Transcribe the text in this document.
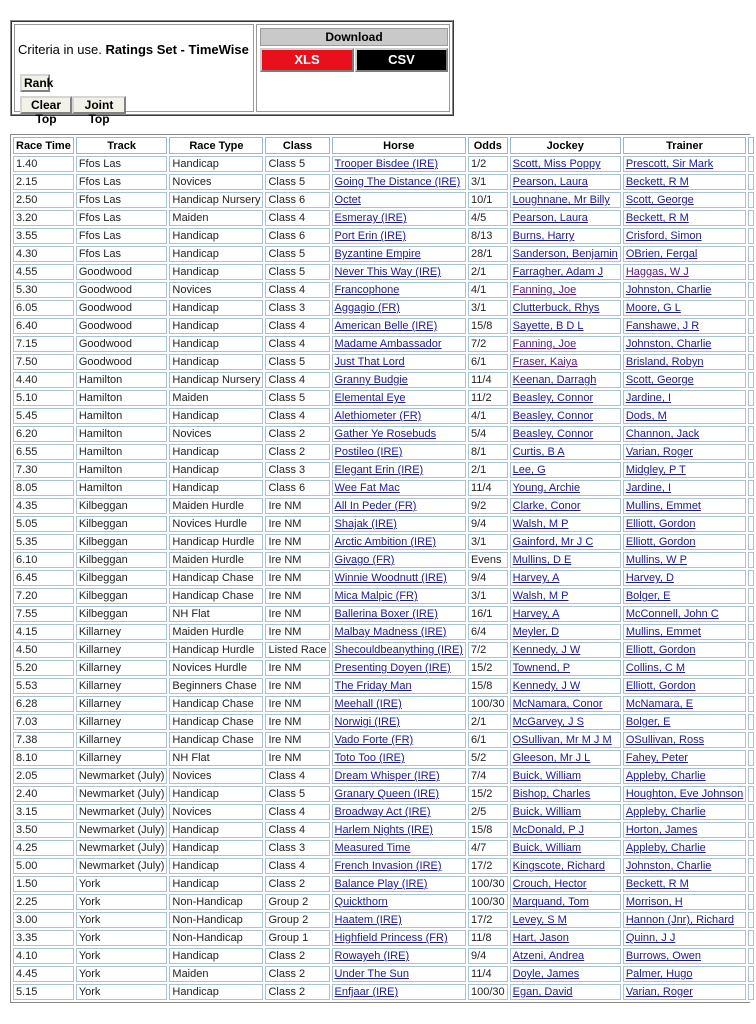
Criteria in use. Ratings Set - TimeWise
Rank
Clear Top
Joint Top
Download
XLS	CSV
Race Time	Track	Race Type	Class	Horse	Odds	Jockey	Trainer	
1.40	Ffos Las	Handicap	Class 5	Trooper Bisdee (IRE)	1/2	Scott, Miss Poppy	Prescott, Sir Mark	
2.15	Ffos Las	Novices	Class 5	Going The Distance (IRE)	3/1	Pearson, Laura	Beckett, R M	
2.50	Ffos Las	Handicap Nursery	Class 6	Octet	10/1	Loughnane, Mr Billy	Scott, George	
3.20	Ffos Las	Maiden	Class 4	Esmeray (IRE)	4/5	Pearson, Laura	Beckett, R M	
3.55	Ffos Las	Handicap	Class 6	Port Erin (IRE)	8/13	Burns, Harry	Crisford, Simon	
4.30	Ffos Las	Handicap	Class 5	Byzantine Empire	28/1	Sanderson, Benjamin	OBrien, Fergal	
4.55	Goodwood	Handicap	Class 5	Never This Way (IRE)	2/1	Farragher, Adam J	Haggas, W J	
5.30	Goodwood	Novices	Class 4	Francophone	4/1	Fanning, Joe	Johnston, Charlie	
6.05	Goodwood	Handicap	Class 3	Aggagio (FR)	3/1	Clutterbuck, Rhys	Moore, G L	
6.40	Goodwood	Handicap	Class 4	American Belle (IRE)	15/8	Sayette, B D L	Fanshawe, J R	
7.15	Goodwood	Handicap	Class 4	Madame Ambassador	7/2	Fanning, Joe	Johnston, Charlie	
7.50	Goodwood	Handicap	Class 5	Just That Lord	6/1	Fraser, Kaiya	Brisland, Robyn	
4.40	Hamilton	Handicap Nursery	Class 4	Granny Budgie	11/4	Keenan, Darragh	Scott, George	
5.10	Hamilton	Maiden	Class 5	Elemental Eye	11/2	Beasley, Connor	Jardine, I	
5.45	Hamilton	Handicap	Class 4	Alethiometer (FR)	4/1	Beasley, Connor	Dods, M	
6.20	Hamilton	Novices	Class 2	Gather Ye Rosebuds	5/4	Beasley, Connor	Channon, Jack	
6.55	Hamilton	Handicap	Class 2	Postileo (IRE)	8/1	Curtis, B A	Varian, Roger	
7.30	Hamilton	Handicap	Class 3	Elegant Erin (IRE)	2/1	Lee, G	Midgley, P T	
8.05	Hamilton	Handicap	Class 6	Wee Fat Mac	11/4	Young, Archie	Jardine, I	
4.35	Kilbeggan	Maiden Hurdle	Ire NM	All In Peder (FR)	9/2	Clarke, Conor	Mullins, Emmet	
5.05	Kilbeggan	Novices Hurdle	Ire NM	Shajak (IRE)	9/4	Walsh, M P	Elliott, Gordon	
5.35	Kilbeggan	Handicap Hurdle	Ire NM	Arctic Ambition (IRE)	3/1	Gainford, Mr J C	Elliott, Gordon	
6.10	Kilbeggan	Maiden Hurdle	Ire NM	Givago (FR)	Evens	Mullins, D E	Mullins, W P	
6.45	Kilbeggan	Handicap Chase	Ire NM	Winnie Woodnutt (IRE)	9/4	Harvey, A	Harvey, D	
7.20	Kilbeggan	Handicap Chase	Ire NM	Mica Malpic (FR)	3/1	Walsh, M P	Bolger, E	
7.55	Kilbeggan	NH Flat	Ire NM	Ballerina Boxer (IRE)	16/1	Harvey, A	McConnell, John C	
4.15	Killarney	Maiden Hurdle	Ire NM	Malbay Madness (IRE)	6/4	Meyler, D	Mullins, Emmet	
4.50	Killarney	Handicap Hurdle	Listed Race	Shecouldbeanything (IRE)	7/2	Kennedy, J W	Elliott, Gordon	
5.20	Killarney	Novices Hurdle	Ire NM	Presenting Doyen (IRE)	15/2	Townend, P	Collins, C M	
5.53	Killarney	Beginners Chase	Ire NM	The Friday Man	15/8	Kennedy, J W	Elliott, Gordon	
6.28	Killarney	Handicap Chase	Ire NM	Meehall (IRE)	100/30	McNamara, Conor	McNamara, E	
7.03	Killarney	Handicap Chase	Ire NM	Norwigi (IRE)	2/1	McGarvey, J S	Bolger, E	
7.38	Killarney	Handicap Chase	Ire NM	Vado Forte (FR)	6/1	OSullivan, Mr M J M	OSullivan, Ross	
8.10	Killarney	NH Flat	Ire NM	Toto Too (IRE)	5/2	Gleeson, Mr J L	Fahey, Peter	
2.05	Newmarket (July)	Novices	Class 4	Dream Whisper (IRE)	7/4	Buick, William	Appleby, Charlie	
2.40	Newmarket (July)	Handicap	Class 5	Granary Queen (IRE)	15/2	Bishop, Charles	Houghton, Eve Johnson	
3.15	Newmarket (July)	Novices	Class 4	Broadway Act (IRE)	2/5	Buick, William	Appleby, Charlie	
3.50	Newmarket (July)	Handicap	Class 4	Harlem Nights (IRE)	15/8	McDonald, P J	Horton, James	
4.25	Newmarket (July)	Handicap	Class 3	Measured Time	4/7	Buick, William	Appleby, Charlie	
5.00	Newmarket (July)	Handicap	Class 4	French Invasion (IRE)	17/2	Kingscote, Richard	Johnston, Charlie	
1.50	York	Handicap	Class 2	Balance Play (IRE)	100/30	Crouch, Hector	Beckett, R M	
2.25	York	Non-Handicap	Group 2	Quickthorn	100/30	Marquand, Tom	Morrison, H	
3.00	York	Non-Handicap	Group 2	Haatem (IRE)	17/2	Levey, S M	Hannon (Jnr), Richard	
3.35	York	Non-Handicap	Group 1	Highfield Princess (FR)	11/8	Hart, Jason	Quinn, J J	
4.10	York	Handicap	Class 2	Rowayeh (IRE)	9/4	Atzeni, Andrea	Burrows, Owen	
4.45	York	Maiden	Class 2	Under The Sun	11/4	Doyle, James	Palmer, Hugo	
5.15	York	Handicap	Class 2	Enfjaar (IRE)	100/30	Egan, David	Varian, Roger	
